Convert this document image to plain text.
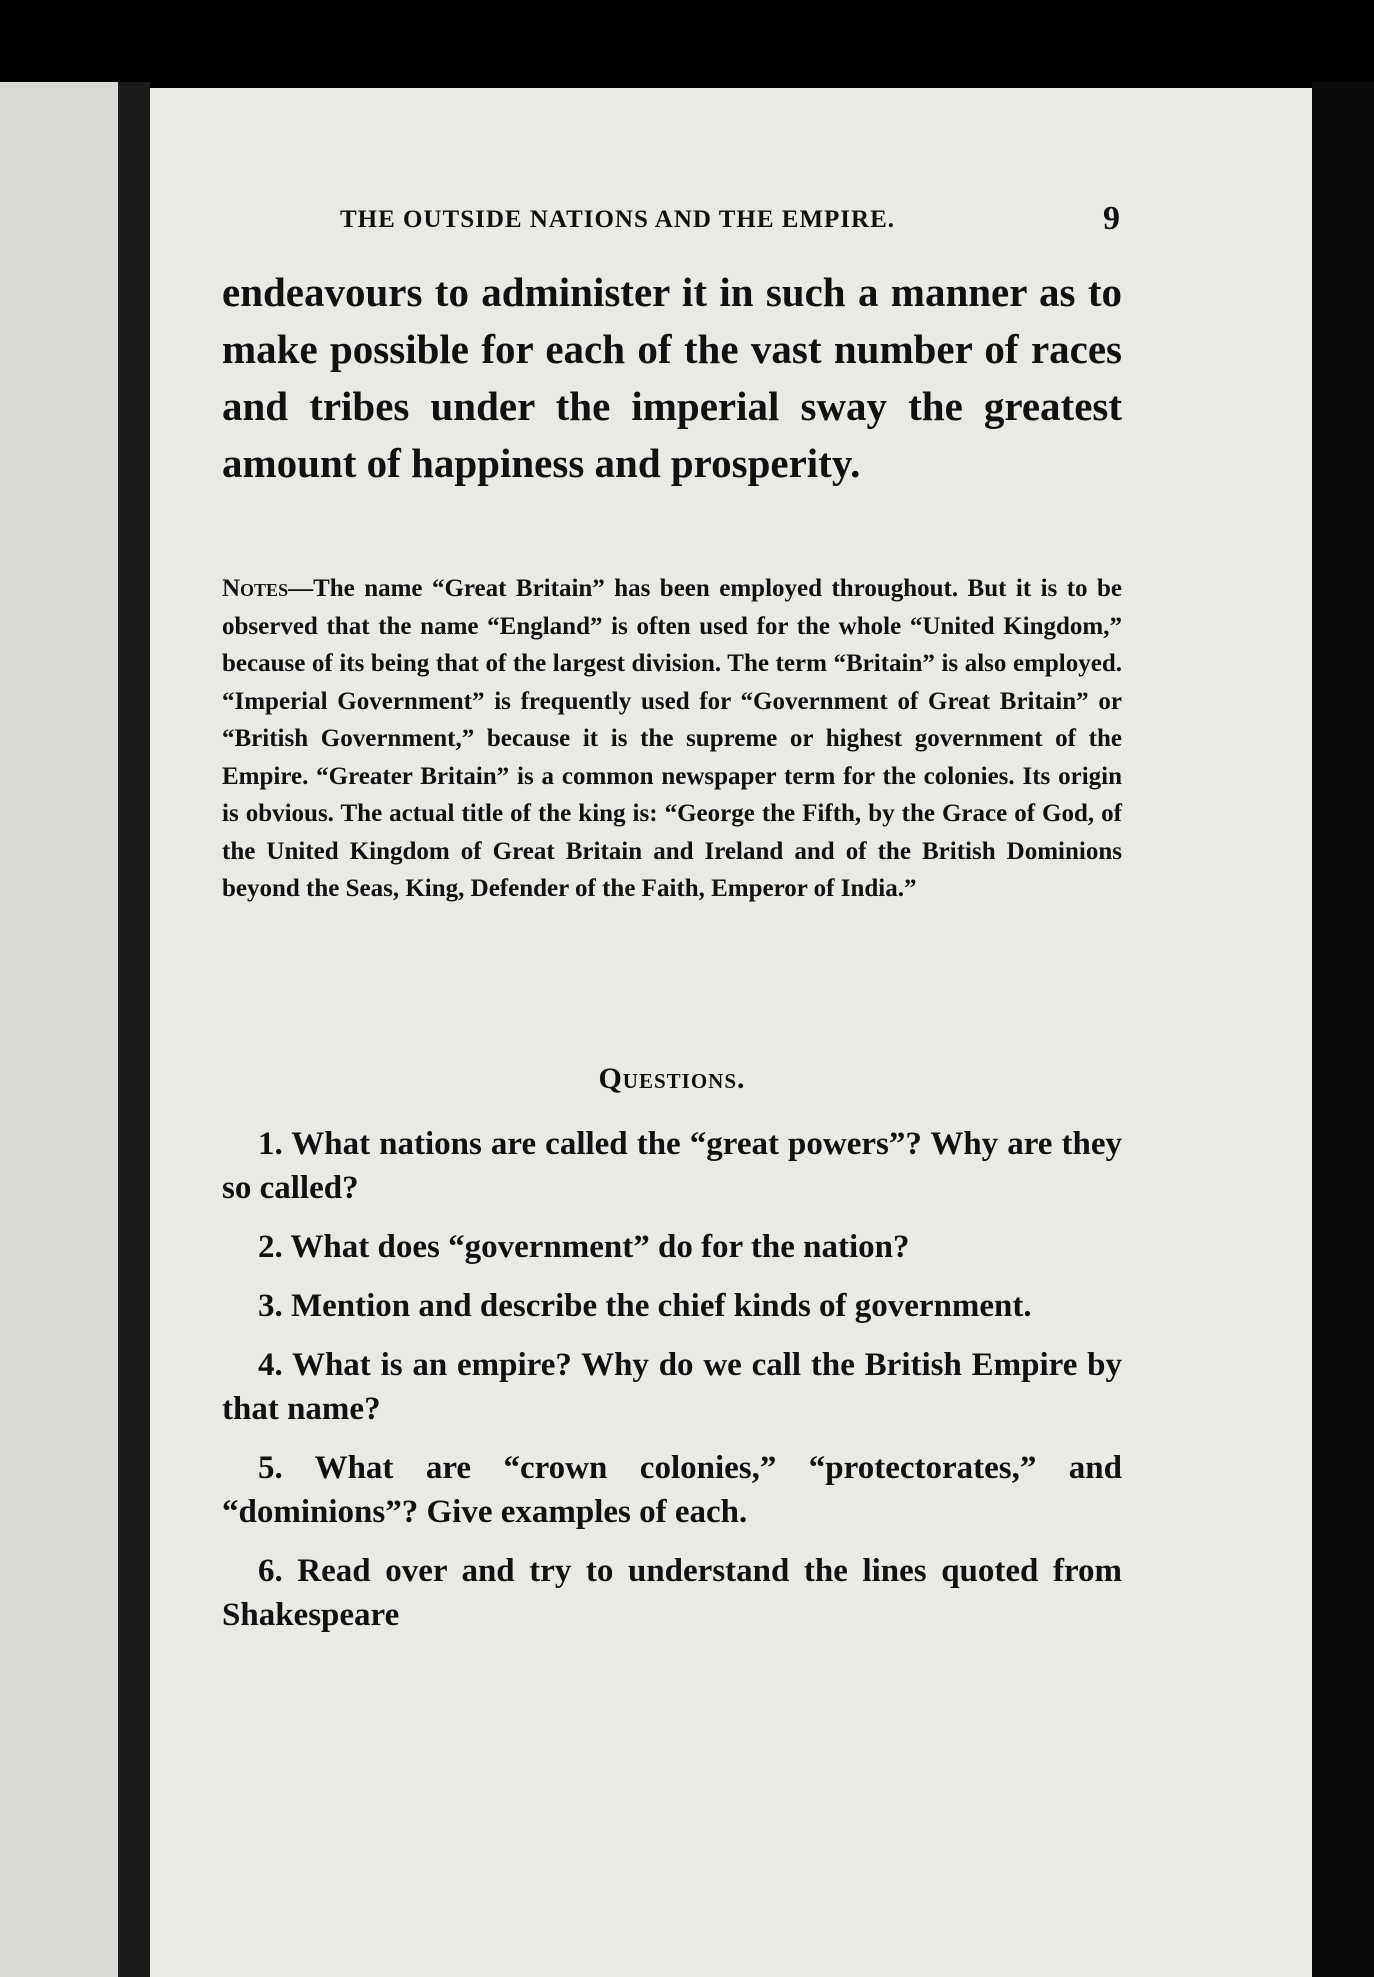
THE OUTSIDE NATIONS AND THE EMPIRE.	9

endeavours to administer it in such a manner as to make possible for each of the vast number of races and tribes under the imperial sway the greatest amount of happiness and prosperity.

Notes—The name “Great Britain” has been employed throughout. But it is to be observed that the name “England” is often used for the whole “United Kingdom,” because of its being that of the largest division. The term “Britain” is also employed. “Imperial Government” is frequently used for “Government of Great Britain” or “British Government,” because it is the supreme or highest government of the Empire. “Greater Britain” is a common newspaper term for the colonies. Its origin is obvious. The actual title of the king is: “George the Fifth, by the Grace of God, of the United Kingdom of Great Britain and Ireland and of the British Dominions beyond the Seas, King, Defender of the Faith, Emperor of India.”

Questions.
1. What nations are called the “great powers”? Why are they so called?
2. What does “government” do for the nation?
3. Mention and describe the chief kinds of government.
4. What is an empire? Why do we call the British Empire by that name?
5. What are “crown colonies,” “protectorates,” and “dominions”? Give examples of each.
6. Read over and try to understand the lines quoted from Shakespeare
